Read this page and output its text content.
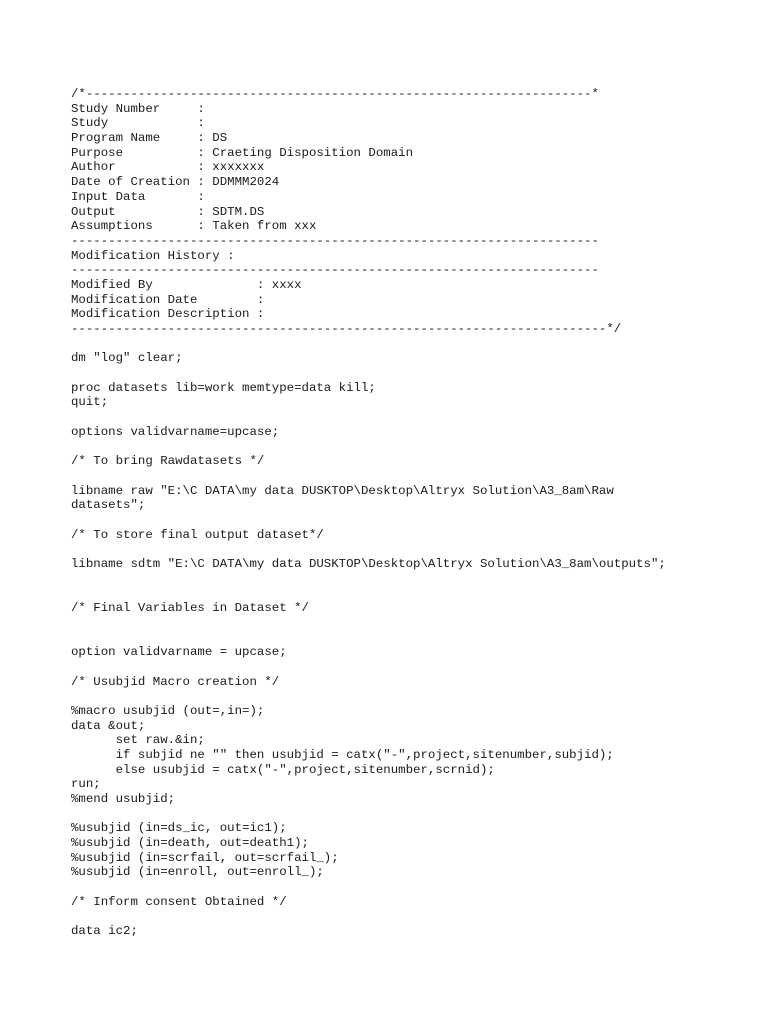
/*--------------------------------------------------------------------*
Study Number     :
Study            :
Program Name     : DS
Purpose          : Craeting Disposition Domain
Author           : xxxxxxx
Date of Creation : DDMMM2024
Input Data       :
Output           : SDTM.DS
Assumptions      : Taken from xxx
-----------------------------------------------------------------------
Modification History :
-----------------------------------------------------------------------
Modified By              : xxxx
Modification Date        :
Modification Description :
------------------------------------------------------------------------*/
dm "log" clear;
proc datasets lib=work memtype=data kill;
quit;
options validvarname=upcase;
/* To bring Rawdatasets */
libname raw "E:\C DATA\my data DUSKTOP\Desktop\Altryx Solution\A3_8am\Raw
datasets";
/* To store final output dataset*/
libname sdtm "E:\C DATA\my data DUSKTOP\Desktop\Altryx Solution\A3_8am\outputs";
/* Final Variables in Dataset */
option validvarname = upcase;
/* Usubjid Macro creation */
%macro usubjid (out=,in=);
data &out;
set raw.&in;
if subjid ne "" then usubjid = catx("-",project,sitenumber,subjid);
else usubjid = catx("-",project,sitenumber,scrnid);
run;
%mend usubjid;
%usubjid (in=ds_ic, out=ic1);
%usubjid (in=death, out=death1);
%usubjid (in=scrfail, out=scrfail_);
%usubjid (in=enroll, out=enroll_);
/* Inform consent Obtained */
data ic2;
